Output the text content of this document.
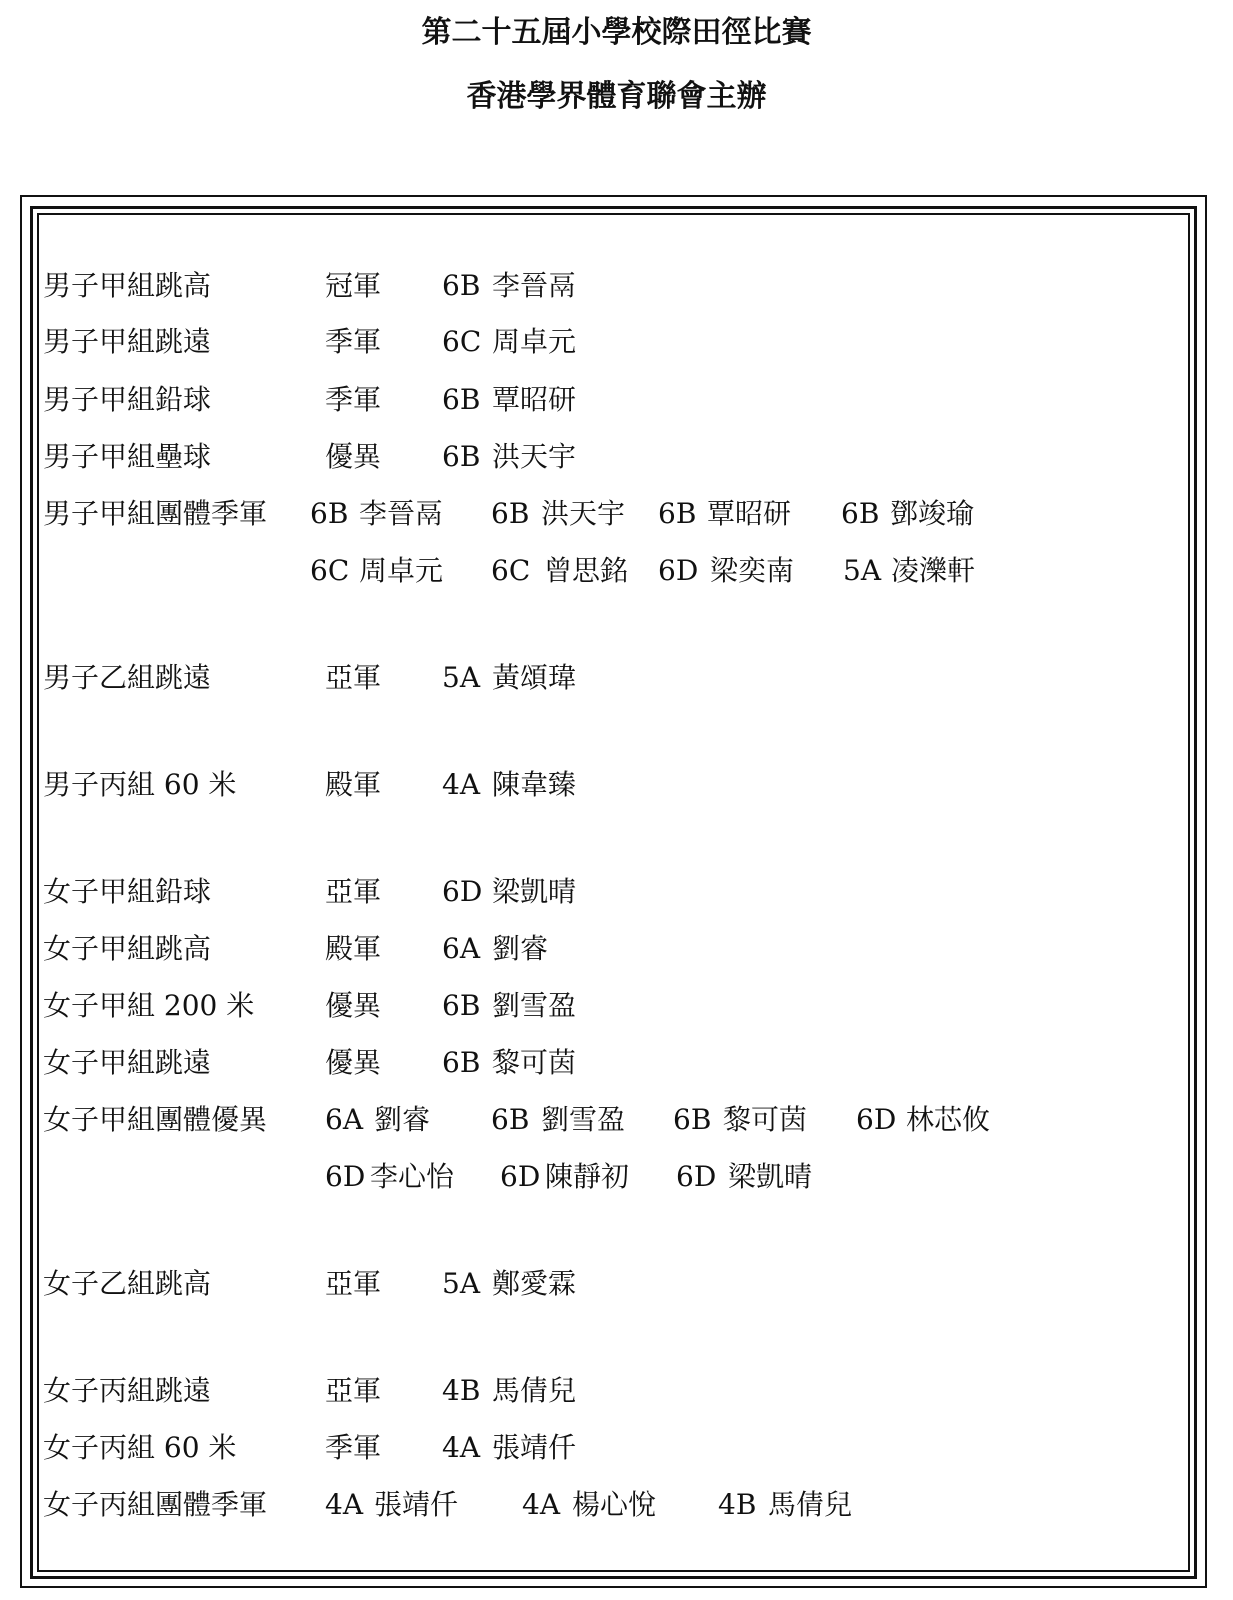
第二十五屆小學校際田徑比賽
香港學界體育聯會主辦
男子甲組跳高	冠軍 6B 李晉鬲
男子甲組跳遠	季軍 6C 周卓元
男子甲組鉛球	季軍 6B 覃昭研
男子甲組壘球	優異 6B 洪天宇
男子甲組團體季軍 6B 李晉鬲 6B 洪天宇 6B 覃昭研 6B 鄧竣瑜
6C 周卓元 6C 曾思銘 6D 梁奕南 5A 凌濼軒
男子乙組跳遠	亞軍 5A 黃頌瑋
男子丙組 60 米	殿軍 4A 陳韋臻
女子甲組鉛球	亞軍 6D 梁凱晴
女子甲組跳高	殿軍 6A 劉睿
女子甲組 200 米	優異 6B 劉雪盈
女子甲組跳遠	優異 6B 黎可茵
女子甲組團體優異 6A 劉睿 6B 劉雪盈 6B 黎可茵 6D 林芯攸
6D 李心怡 6D 陳靜初 6D 梁凱晴
女子乙組跳高	亞軍 5A 鄭愛霖
女子丙組跳遠	亞軍 4B 馬倩兒
女子丙組 60 米	季軍 4A 張靖仟
女子丙組團體季軍 4A 張靖仟 4A 楊心悅 4B 馬倩兒
